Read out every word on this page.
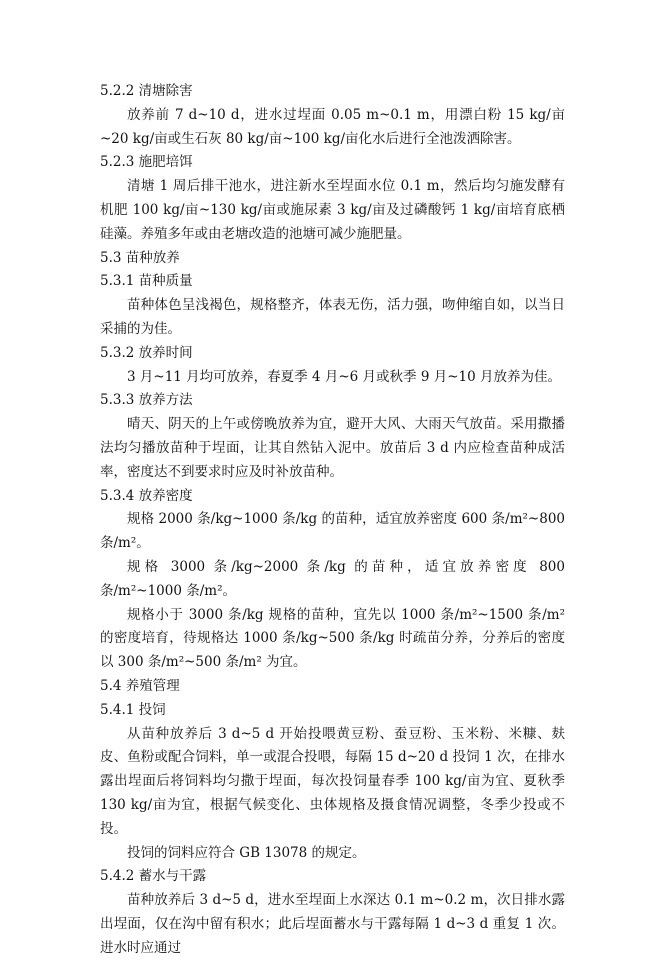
5.2.2 清塘除害
放养前 7 d~10 d，进水过埕面 0.05 m~0.1 m，用漂白粉 15 kg/亩~20 kg/亩或生石灰 80 kg/亩~100 kg/亩化水后进行全池泼洒除害。
5.2.3 施肥培饵
清塘 1 周后排干池水，进注新水至埕面水位 0.1 m，然后均匀施发酵有机肥 100 kg/亩~130 kg/亩或施尿素 3 kg/亩及过磷酸钙 1 kg/亩培育底栖硅藻。养殖多年或由老塘改造的池塘可减少施肥量。
5.3 苗种放养
5.3.1 苗种质量
苗种体色呈浅褐色，规格整齐，体表无伤，活力强，吻伸缩自如，以当日采捕的为佳。
5.3.2 放养时间
3 月~11 月均可放养，春夏季 4 月~6 月或秋季 9 月~10 月放养为佳。
5.3.3 放养方法
晴天、阴天的上午或傍晚放养为宜，避开大风、大雨天气放苗。采用撒播法均匀播放苗种于埕面，让其自然钻入泥中。放苗后 3 d 内应检查苗种成活率，密度达不到要求时应及时补放苗种。
5.3.4 放养密度
规格 2000 条/kg~1000 条/kg 的苗种，适宜放养密度 600 条/m²~800 条/m²。
规格 3000 条/kg~2000 条/kg 的苗种，适宜放养密度 800 条/m²~1000 条/m²。
规格小于 3000 条/kg 规格的苗种，宜先以 1000 条/m²~1500 条/m² 的密度培育，待规格达 1000 条/kg~500 条/kg 时疏苗分养，分养后的密度以 300 条/m²~500 条/m² 为宜。
5.4 养殖管理
5.4.1 投饲
从苗种放养后 3 d~5 d 开始投喂黄豆粉、蚕豆粉、玉米粉、米糠、麸皮、鱼粉或配合饲料，单一或混合投喂，每隔 15 d~20 d 投饲 1 次，在排水露出埕面后将饲料均匀撒于埕面，每次投饲量春季 100 kg/亩为宜、夏秋季 130 kg/亩为宜，根据气候变化、虫体规格及摄食情况调整，冬季少投或不投。
投饲的饲料应符合 GB 13078 的规定。
5.4.2 蓄水与干露
苗种放养后 3 d~5 d，进水至埕面上水深达 0.1 m~0.2 m，次日排水露出埕面，仅在沟中留有积水；此后埕面蓄水与干露每隔 1 d~3 d 重复 1 次。进水时应通过
